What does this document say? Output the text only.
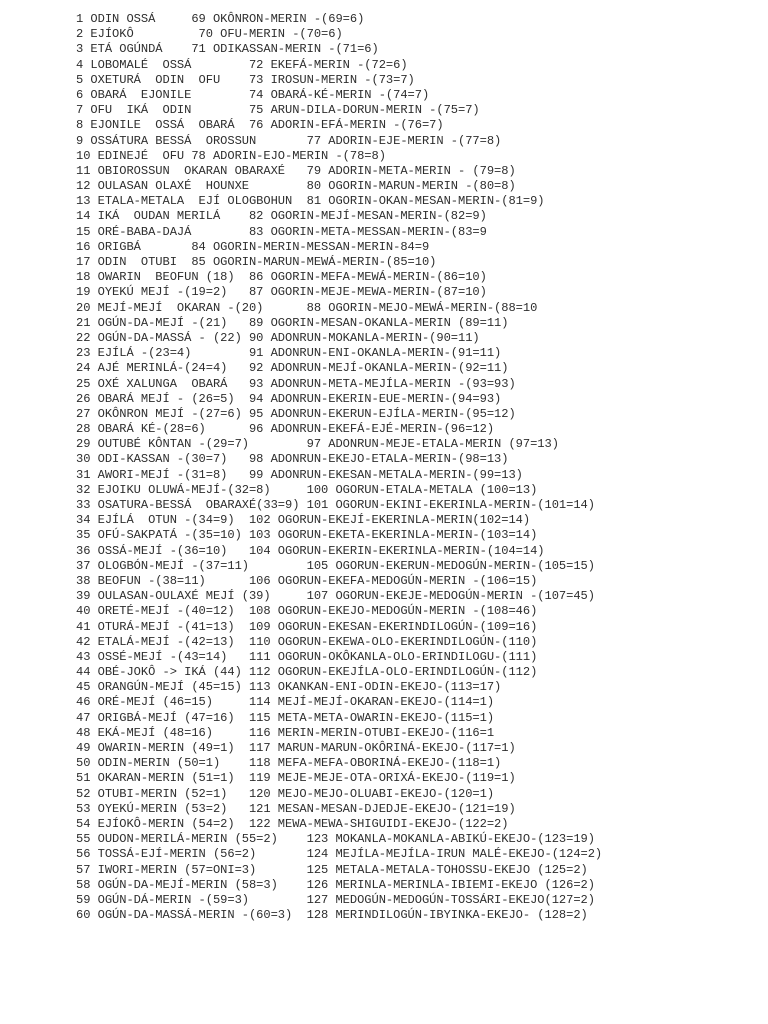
1 ODIN OSSÁ     69 OKÔNRON-MERIN -(69=6)
2 EJÍOKÔ         70 OFU-MERIN -(70=6)
3 ETÁ OGÚNDÁ    71 ODIKASSAN-MERIN -(71=6)
4 LOBOMALÉ  OSSÁ        72 EKEFÁ-MERIN -(72=6)
5 OXETURÁ  ODIN  OFU    73 IROSUN-MERIN -(73=7)
6 OBARÁ  EJONILE        74 OBARÁ-KÉ-MERIN -(74=7)
7 OFU  IKÁ  ODIN        75 ARUN-DILA-DORUN-MERIN -(75=7)
8 EJONILE  OSSÁ  OBARÁ  76 ADORIN-EFÁ-MERIN -(76=7)
9 OSSÁTURA BESSÁ  OROSSUN       77 ADORIN-EJE-MERIN -(77=8)
10 EDINEJÉ  OFU 78 ADORIN-EJO-MERIN -(78=8)
11 OBIOROSSUN  OKARAN OBARAXÉ   79 ADORIN-META-MERIN - (79=8)
12 OULASAN OLAXÉ  HOUNXE        80 OGORIN-MARUN-MERIN -(80=8)
13 ETALA-METALA  EJÍ OLOGBOHUN  81 OGORIN-OKAN-MESAN-MERIN-(81=9)
14 IKÁ  OUDAN MERILÁ    82 OGORIN-MEJÍ-MESAN-MERIN-(82=9)
15 ORÉ-BABA-DAJÁ        83 OGORIN-META-MESSAN-MERIN-(83=9
16 ORIGBÁ       84 OGORIN-MERIN-MESSAN-MERIN-84=9
17 ODIN  OTUBI  85 OGORIN-MARUN-MEWÁ-MERIN-(85=10)
18 OWARIN  BEOFUN (18)  86 OGORIN-MEFA-MEWÁ-MERIN-(86=10)
19 OYEKÚ MEJÍ -(19=2)   87 OGORIN-MEJE-MEWA-MERIN-(87=10)
20 MEJÍ-MEJÍ  OKARAN -(20)      88 OGORIN-MEJO-MEWÁ-MERIN-(88=10
21 OGÚN-DA-MEJÍ -(21)   89 OGORIN-MESAN-OKANLA-MERIN (89=11)
22 OGÚN-DA-MASSÁ - (22) 90 ADONRUN-MOKANLA-MERIN-(90=11)
23 EJÍLÁ -(23=4)        91 ADONRUN-ENI-OKANLA-MERIN-(91=11)
24 AJÉ MERINLÁ-(24=4)   92 ADONRUN-MEJÍ-OKANLA-MERIN-(92=11)
25 OXÉ XALUNGA  OBARÁ   93 ADONRUN-META-MEJÍLA-MERIN -(93=93)
26 OBARÁ MEJÍ - (26=5)  94 ADONRUN-EKERIN-EUE-MERIN-(94=93)
27 OKÔNRON MEJÍ -(27=6) 95 ADONRUN-EKERUN-EJÍLA-MERIN-(95=12)
28 OBARÁ KÉ-(28=6)      96 ADONRUN-EKEFÁ-EJÉ-MERIN-(96=12)
29 OUTUBÉ KÔNTAN -(29=7)        97 ADONRUN-MEJE-ETALA-MERIN (97=13)
30 ODI-KASSAN -(30=7)   98 ADONRUN-EKEJO-ETALA-MERIN-(98=13)
31 AWORI-MEJÍ -(31=8)   99 ADONRUN-EKESAN-METALA-MERIN-(99=13)
32 EJOIKU OLUWÁ-MEJÍ-(32=8)     100 OGORUN-ETALA-METALA (100=13)
33 OSATURA-BESSÁ  OBARAXÉ(33=9) 101 OGORUN-EKINI-EKERINLA-MERIN-(101=14)
34 EJÍLÁ  OTUN -(34=9)  102 OGORUN-EKEJÍ-EKERINLA-MERIN(102=14)
35 OFÚ-SAKPATÁ -(35=10) 103 OGORUN-EKETA-EKERINLA-MERIN-(103=14)
36 OSSÁ-MEJÍ -(36=10)   104 OGORUN-EKERIN-EKERINLA-MERIN-(104=14)
37 OLOGBÓN-MEJÍ -(37=11)        105 OGORUN-EKERUN-MEDOGÚN-MERIN-(105=15)
38 BEOFUN -(38=11)      106 OGORUN-EKEFA-MEDOGÚN-MERIN -(106=15)
39 OULASAN-OULAXÉ MEJÍ (39)     107 OGORUN-EKEJE-MEDOGÚN-MERIN -(107=45)
40 ORETÉ-MEJÍ -(40=12)  108 OGORUN-EKEJO-MEDOGÚN-MERIN -(108=46)
41 OTURÁ-MEJÍ -(41=13)  109 OGORUN-EKESAN-EKERINDILOGÚN-(109=16)
42 ETALÁ-MEJÍ -(42=13)  110 OGORUN-EKEWA-OLO-EKERINDILOGÚN-(110)
43 OSSÉ-MEJÍ -(43=14)   111 OGORUN-OKÔKANLA-OLO-ERINDILOGU-(111)
44 OBÉ-JOKÔ -> IKÁ (44) 112 OGORUN-EKEJÍLA-OLO-ERINDILOGÚN-(112)
45 ORANGÚN-MEJÍ (45=15) 113 OKANKAN-ENI-ODIN-EKEJO-(113=17)
46 ORÉ-MEJÍ (46=15)     114 MEJÍ-MEJÍ-OKARAN-EKEJO-(114=1)
47 ORIGBÁ-MEJÍ (47=16)  115 META-META-OWARIN-EKEJO-(115=1)
48 EKÁ-MEJÍ (48=16)     116 MERIN-MERIN-OTUBI-EKEJO-(116=1
49 OWARIN-MERIN (49=1)  117 MARUN-MARUN-OKÔRINÁ-EKEJO-(117=1)
50 ODIN-MERIN (50=1)    118 MEFA-MEFA-OBORINÁ-EKEJO-(118=1)
51 OKARAN-MERIN (51=1)  119 MEJE-MEJE-OTA-ORIXÁ-EKEJO-(119=1)
52 OTUBI-MERIN (52=1)   120 MEJO-MEJO-OLUABI-EKEJO-(120=1)
53 OYEKÚ-MERIN (53=2)   121 MESAN-MESAN-DJEDJE-EKEJO-(121=19)
54 EJÍOKÔ-MERIN (54=2)  122 MEWA-MEWA-SHIGUIDI-EKEJO-(122=2)
55 OUDON-MERILÁ-MERIN (55=2)    123 MOKANLA-MOKANLA-ABIKÚ-EKEJO-(123=19)
56 TOSSÁ-EJÍ-MERIN (56=2)       124 MEJÍLA-MEJÍLA-IRUN MALÉ-EKEJO-(124=2)
57 IWORI-MERIN (57=ONI=3)       125 METALA-METALA-TOHOSSU-EKEJO (125=2)
58 OGÚN-DA-MEJÍ-MERIN (58=3)    126 MERINLA-MERINLA-IBIEMI-EKEJO (126=2)
59 OGÚN-DÁ-MERIN -(59=3)        127 MEDOGÚN-MEDOGÚN-TOSSÁRI-EKEJO(127=2)
60 OGÚN-DA-MASSÁ-MERIN -(60=3)  128 MERINDILOGÚN-IBYINKA-EKEJO- (128=2)
